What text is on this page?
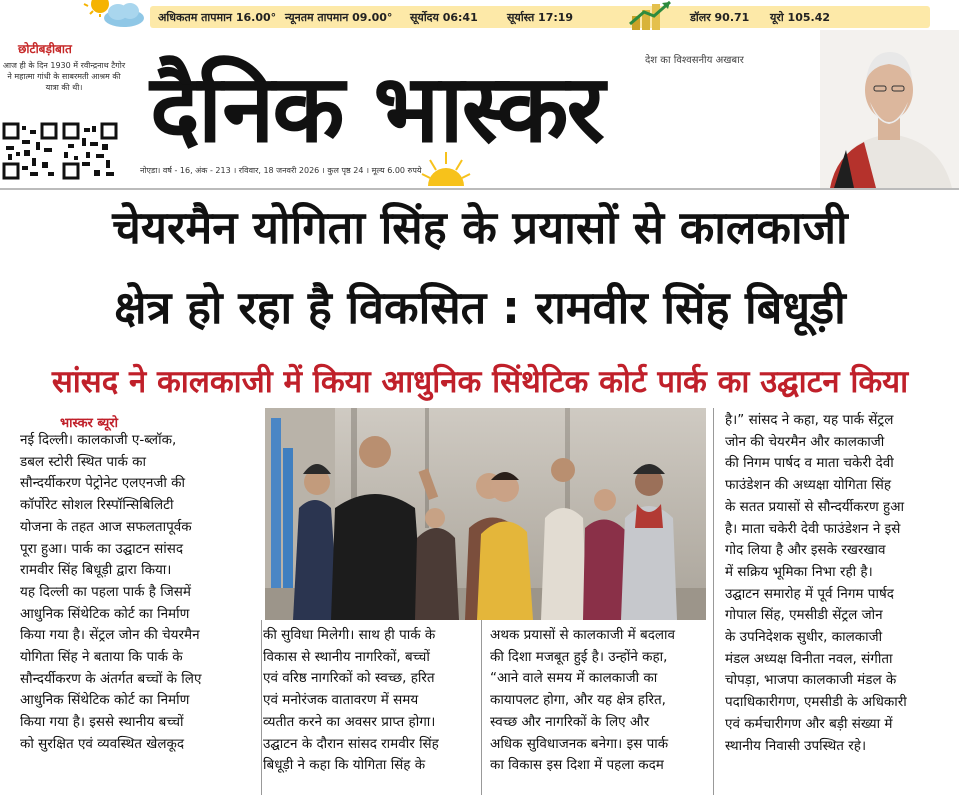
अधिकतम तापमान 16.00° न्यूनतम तापमान 09.00° सूर्योदय 06:41	सूर्यास्त 17:19	डॉलर 90.71 यूरो 105.42
छोटीबड़ीबात
आज ही के दिन 1930 में रवीन्द्रनाथ टैगोर ने महात्मा गांधी के साबरमती आश्रम की यात्रा की थी। दैनिक भास्कर	देश का विश्वसनीय अखबार
नोएडा। वर्ष - 16, अंक - 213 । रविवार, 18 जनवरी 2026 । कुल पृष्ठ 24 । मूल्य 6.00 रुपये
चेयरमैन योगिता सिंह के प्रयासों से कालकाजी
क्षेत्र हो रहा है विकसित : रामवीर सिंह बिधूड़ी
सांसद ने कालकाजी में किया आधुनिक सिंथेटिक कोर्ट पार्क का उद्घाटन किया
भास्कर ब्यूरो

नई दिल्ली। कालकाजी ए-ब्लॉक,

डबल स्टोरी स्थित पार्क का

सौन्दर्यीकरण पेट्रोनेट एलएनजी की

कॉर्पोरेट सोशल रिस्पॉन्सिबिलिटी

योजना के तहत आज सफलतापूर्वक

पूरा हुआ। पार्क का उद्घाटन सांसद

रामवीर सिंह बिधूड़ी द्वारा किया।

यह दिल्ली का पहला पार्क है जिसमें

आधुनिक सिंथेटिक कोर्ट का निर्माण

किया गया है। सेंट्रल जोन की चेयरमैन

योगिता सिंह ने बताया कि पार्क के

सौन्दर्यीकरण के अंतर्गत बच्चों के लिए

आधुनिक सिंथेटिक कोर्ट का निर्माण

किया गया है। इससे स्थानीय बच्चों

को सुरक्षित एवं व्यवस्थित खेलकूद

की सुविधा मिलेगी। साथ ही पार्क के

विकास से स्थानीय नागरिकों, बच्चों

एवं वरिष्ठ नागरिकों को स्वच्छ, हरित

एवं मनोरंजक वातावरण में समय

व्यतीत करने का अवसर प्राप्त होगा।

उद्घाटन के दौरान सांसद रामवीर सिंह

बिधूड़ी ने कहा कि योगिता सिंह के

अथक प्रयासों से कालकाजी में बदलाव

की दिशा मजबूत हुई है। उन्होंने कहा,

“आने वाले समय में कालकाजी का

कायापलट होगा, और यह क्षेत्र हरित,

स्वच्छ और नागरिकों के लिए और

अधिक सुविधाजनक बनेगा। इस पार्क

का विकास इस दिशा में पहला कदम

है।” सांसद ने कहा, यह पार्क सेंट्रल

जोन की चेयरमैन और कालकाजी

की निगम पार्षद व माता चकेरी देवी

फाउंडेशन की अध्यक्षा योगिता सिंह

के सतत प्रयासों से सौन्दर्यीकरण हुआ

है। माता चकेरी देवी फाउंडेशन ने इसे

गोद लिया है और इसके रखरखाव

में सक्रिय भूमिका निभा रही है।

उद्घाटन समारोह में पूर्व निगम पार्षद

गोपाल सिंह, एमसीडी सेंट्रल जोन

के उपनिदेशक सुधीर, कालकाजी

मंडल अध्यक्ष विनीता नवल, संगीता

चोपड़ा, भाजपा कालकाजी मंडल के

पदाधिकारीगण, एमसीडी के अधिकारी

एवं कर्मचारीगण और बड़ी संख्या में

स्थानीय निवासी उपस्थित रहे।
